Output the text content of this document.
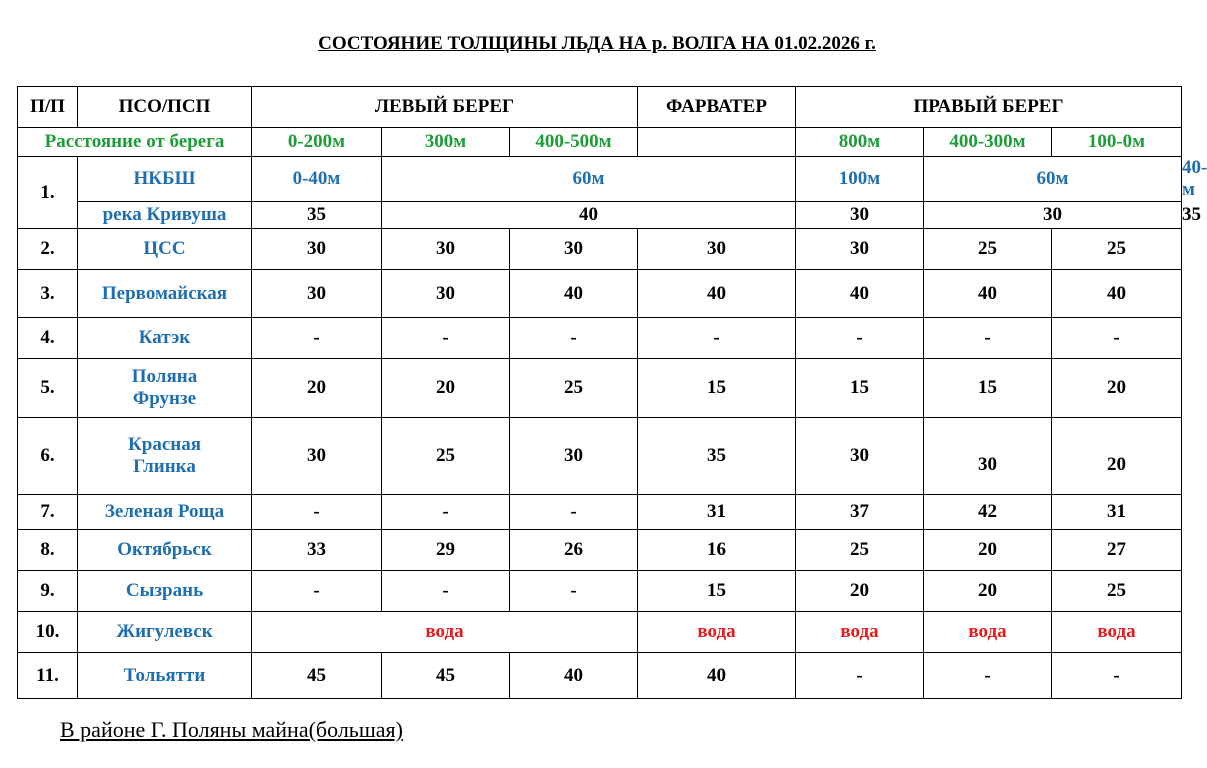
СОСТОЯНИЕ ТОЛЩИНЫ ЛЬДА НА р. ВОЛГА НА 01.02.2026 г.
П/П	ПСО/ПСП	ЛЕВЫЙ БЕРЕГ			ФАРВАТЕР	ПРАВЫЙ БЕРЕГ			
Расстояние от берега		0-200м	300м	400-500м		800м	400-300м	100-0м	
1.	НКБШ	0-40м	60м			100м	60м		40-м
	река Кривуша	35	40			30	30		35
2.	ЦСС	30	30	30	30	30	25	25	
3.	Первомайская	30	30	40	40	40	40	40	
4.	Катэк	-	-	-	-	-	-	-	
5.	Поляна
Фрунзе	20	20	25	15	15	15	20	
6.	Красная
Глинка	30	25	30	35	30	30	20	
7.	Зеленая Роща	-	-	-	31	37	42	31	
8.	Октябрьск	33	29	26	16	25	20	27	
9.	Сызрань	-	-	-	15	20	20	25	
10.	Жигулевск	вода			вода	вода	вода	вода	
11.	Тольятти	45	45	40	40	-	-	-	
В районе Г. Поляны майна(большая)
